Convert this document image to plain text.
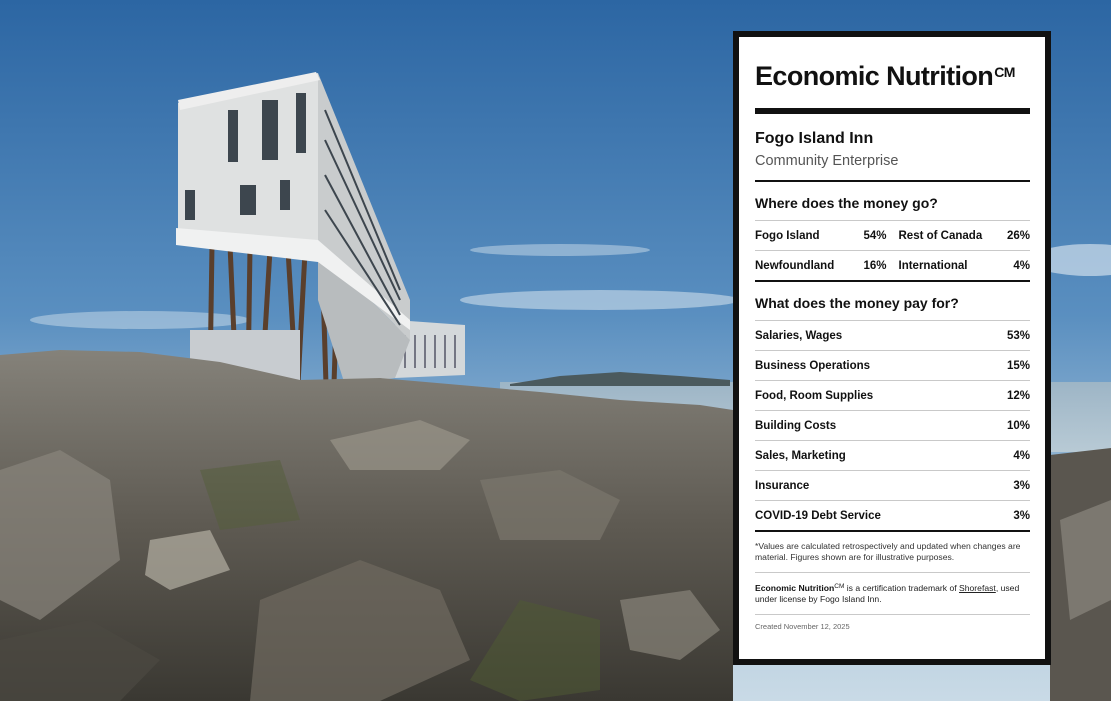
Economic Nutrition$^{CM}$
Fogo Island Inn
Community Enterprise
Where does the money go?
Fogo Island	54% Rest of Canada 26%
Newfoundland	16% International	4%
What does the money pay for?
Salaries, Wages	53%
Business Operations	15%
Food, Room Supplies	12%
Building Costs	10%
Sales, Marketing	4%
Insurance	3%
COVID-19 Debt Service	3%
*Values are calculated retrospectively and updated when changes are material. Figures shown are for illustrative purposes.
Economic Nutrition$^{CM}$ is a certification trademark of Shorefast, used under license by Fogo Island Inn.
Created November 12, 2025
